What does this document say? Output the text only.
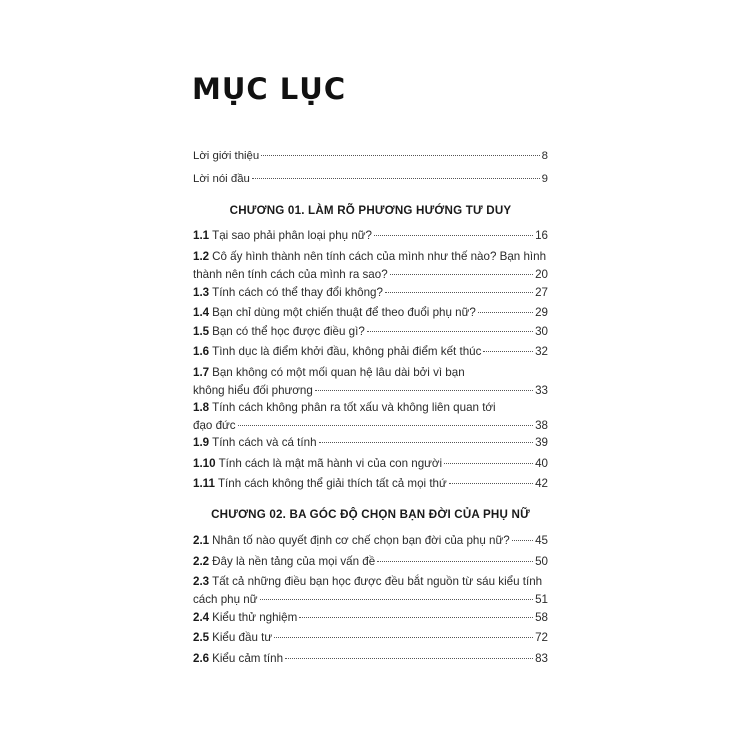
MỤC LỤC
Lời giới thiệu	8
Lời nói đầu	9
CHƯƠNG 01. LÀM RÕ PHƯƠNG HƯỚNG TƯ DUY
1.1 Tại sao phải phân loại phụ nữ?	16
1.2 Cô ấy hình thành nên tính cách của mình như thế nào? Bạn hình
thành nên tính cách của mình ra sao?	20
1.3 Tính cách có thể thay đổi không?	27
1.4 Bạn chỉ dùng một chiến thuật để theo đuổi phụ nữ?	29
1.5 Bạn có thể học được điều gì?	30
1.6 Tình dục là điểm khởi đầu, không phải điểm kết thúc	32
1.7 Bạn không có một mối quan hệ lâu dài bởi vì bạn
không hiểu đối phương	33
1.8 Tính cách không phân ra tốt xấu và không liên quan tới
đạo đức	38
1.9 Tính cách và cá tính	39
1.10 Tính cách là mật mã hành vi của con người	40
1.11 Tính cách không thể giải thích tất cả mọi thứ	42
CHƯƠNG 02. BA GÓC ĐỘ CHỌN BẠN ĐỜI CỦA PHỤ NỮ
2.1 Nhân tố nào quyết định cơ chế chọn bạn đời của phụ nữ? 45
2.2 Đây là nền tảng của mọi vấn đề	50
2.3 Tất cả những điều bạn học được đều bắt nguồn từ sáu kiểu tính
cách phụ nữ	51
2.4 Kiểu thử nghiệm	58
2.5 Kiểu đầu tư	72
2.6 Kiểu cảm tính	83
